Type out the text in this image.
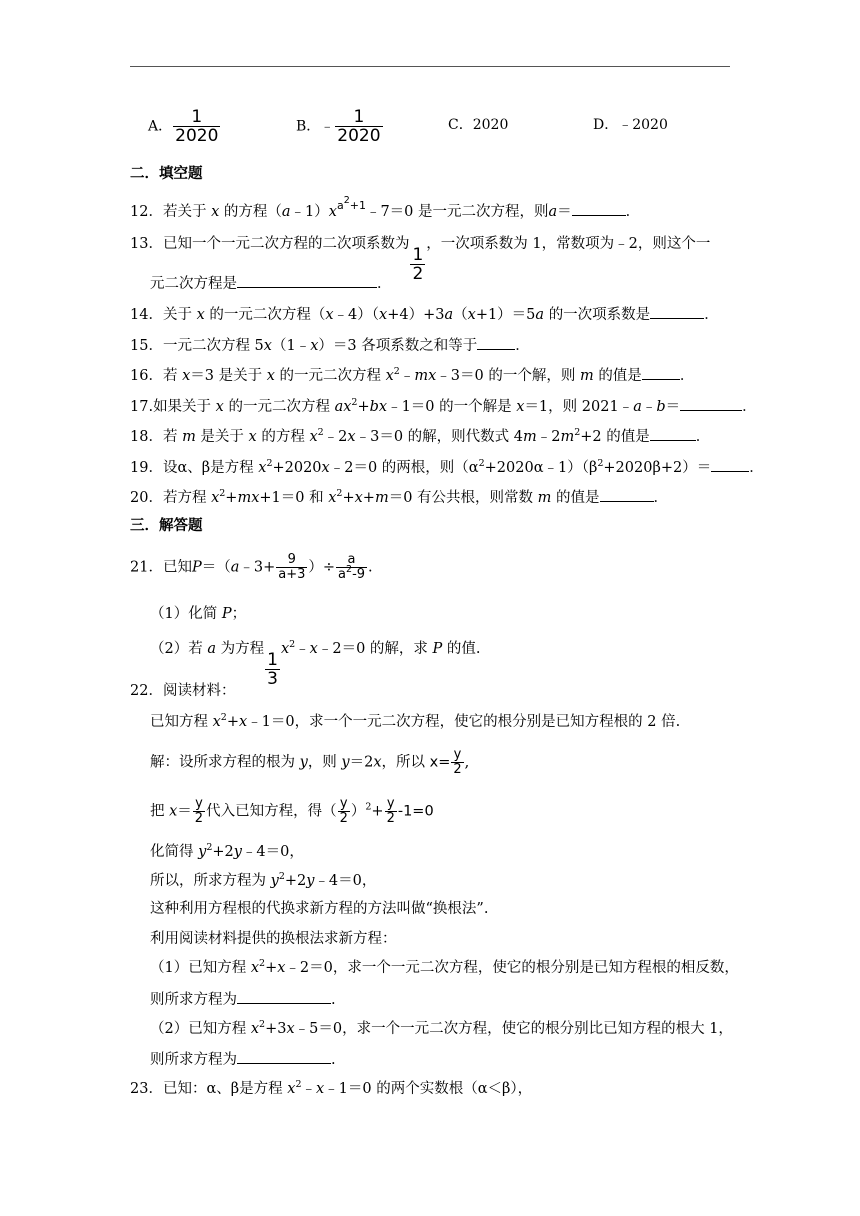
A． $\frac{1}{2020}$	B．﹣ $\frac{1}{2020}$	C．2020	D．﹣2020
二．填空题
12．若关于 x 的方程$(a﹣1)x^{a^2+1}﹣7=0$ 是一元二次方程，则a＝	．
13．已知一个一元二次方程的二次项系数为
$\frac{1}{2}$
，一次项系数为 1，常数项为﹣2，则这个一
元二次方程是	．
14．关于 x 的一元二次方程（x﹣4）（x+4）+3a（x+1）＝5a 的一次项系数是	．
15．一元二次方程 5x（1﹣x）＝3 各项系数之和等于	．
16．若 x＝3 是关于 x 的一元二次方程 $x^2﹣mx﹣3=0$ 的一个解，则 m 的值是	．
17.如果关于 x 的一元二次方程 $ax^2+bx﹣1=0$ 的一个解是 x＝1，则 2021﹣a﹣b＝	．
18．若 m 是关于 x 的方程 $x^2﹣2x﹣3=0$ 的解，则代数式 $4m﹣2m^2+2$ 的值是	．
19．设α、β是方程 $x^2+2020x﹣2=0$ 的两根，则$(\alpha^2+2020\alpha﹣1)(\beta^2+2020\beta+2)=$	．
20．若方程 $x^2+mx+1=0$ 和 $x^2+x+m=0$ 有公共根，则常数 m 的值是	．
三．解答题
21．已知P＝（a﹣3+ $\frac{9}{a+3}$ ）÷ $\frac{a}{a^2-9}$ .
（1）化简 P；
（2）若 a 为方程
$\frac{1}{3}$
$x^2﹣x﹣2=0$ 的解，求 P 的值.
22．阅读材料：
已知方程 $x^2+x﹣1=0$，求一个一元二次方程，使它的根分别是已知方程根的 2 倍.
解：设所求方程的根为 y，则 y＝2x，所以 $x= \frac{y}{2}$ ,
把 $x= \frac{y}{2}$ 代入已知方程，得（ $\frac{y}{2} )^2+ \frac{y}{2} -1=0$
化简得 $y^2+2y﹣4=0$，
所以，所求方程为 $y^2+2y﹣4=0$，
这种利用方程根的代换求新方程的方法叫做“换根法”.
利用阅读材料提供的换根法求新方程：
（1）已知方程 $x^2+x﹣2=0$，求一个一元二次方程，使它的根分别是已知方程根的相反数，
则所求方程为	.
（2）已知方程 $x^2+3x﹣5=0$，求一个一元二次方程，使它的根分别比已知方程的根大 1，
则所求方程为	.
23．已知：α、β是方程 $x^2﹣x﹣1=0$ 的两个实数根（α＜β），
